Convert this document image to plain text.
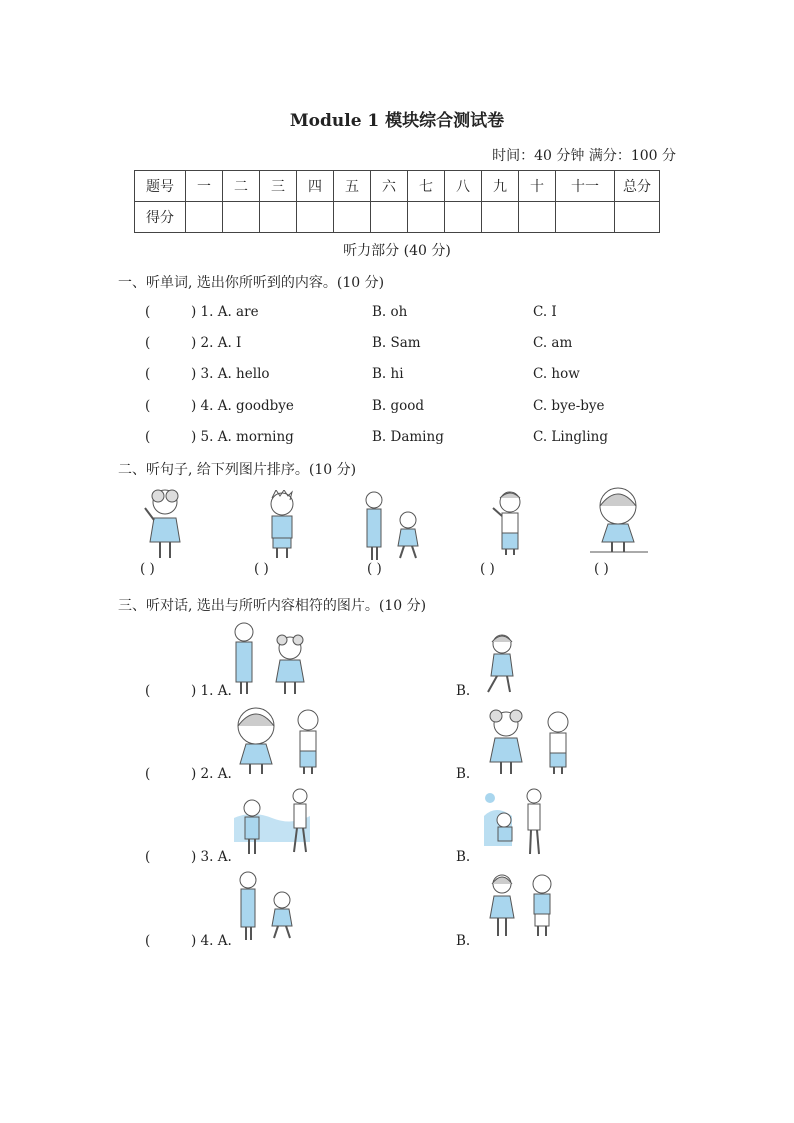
Module 1 模块综合测试卷
时间：40 分钟 满分：100 分
题号	一	二	三	四	五	六	七	八	九	十	十一	总分
得分												
听力部分 (40 分)
一、听单词, 选出你所听到的内容。(10 分)
(	) 1. A. are	B. oh	C. I
(	) 2. A. I	B. Sam	C. am
(	) 3. A. hello	B. hi	C. how
(	) 4. A. goodbye	B. good	C. bye-bye
(	) 5. A. morning	B. Daming	C. Lingling
二、听句子, 给下列图片排序。(10 分)
( )	( )	( )	( )	( )
三、听对话, 选出与所听内容相符的图片。(10 分)
(	) 1. A.	B.
(	) 2. A.	B.
(	) 3. A.	B.
(	) 4. A.	B.
